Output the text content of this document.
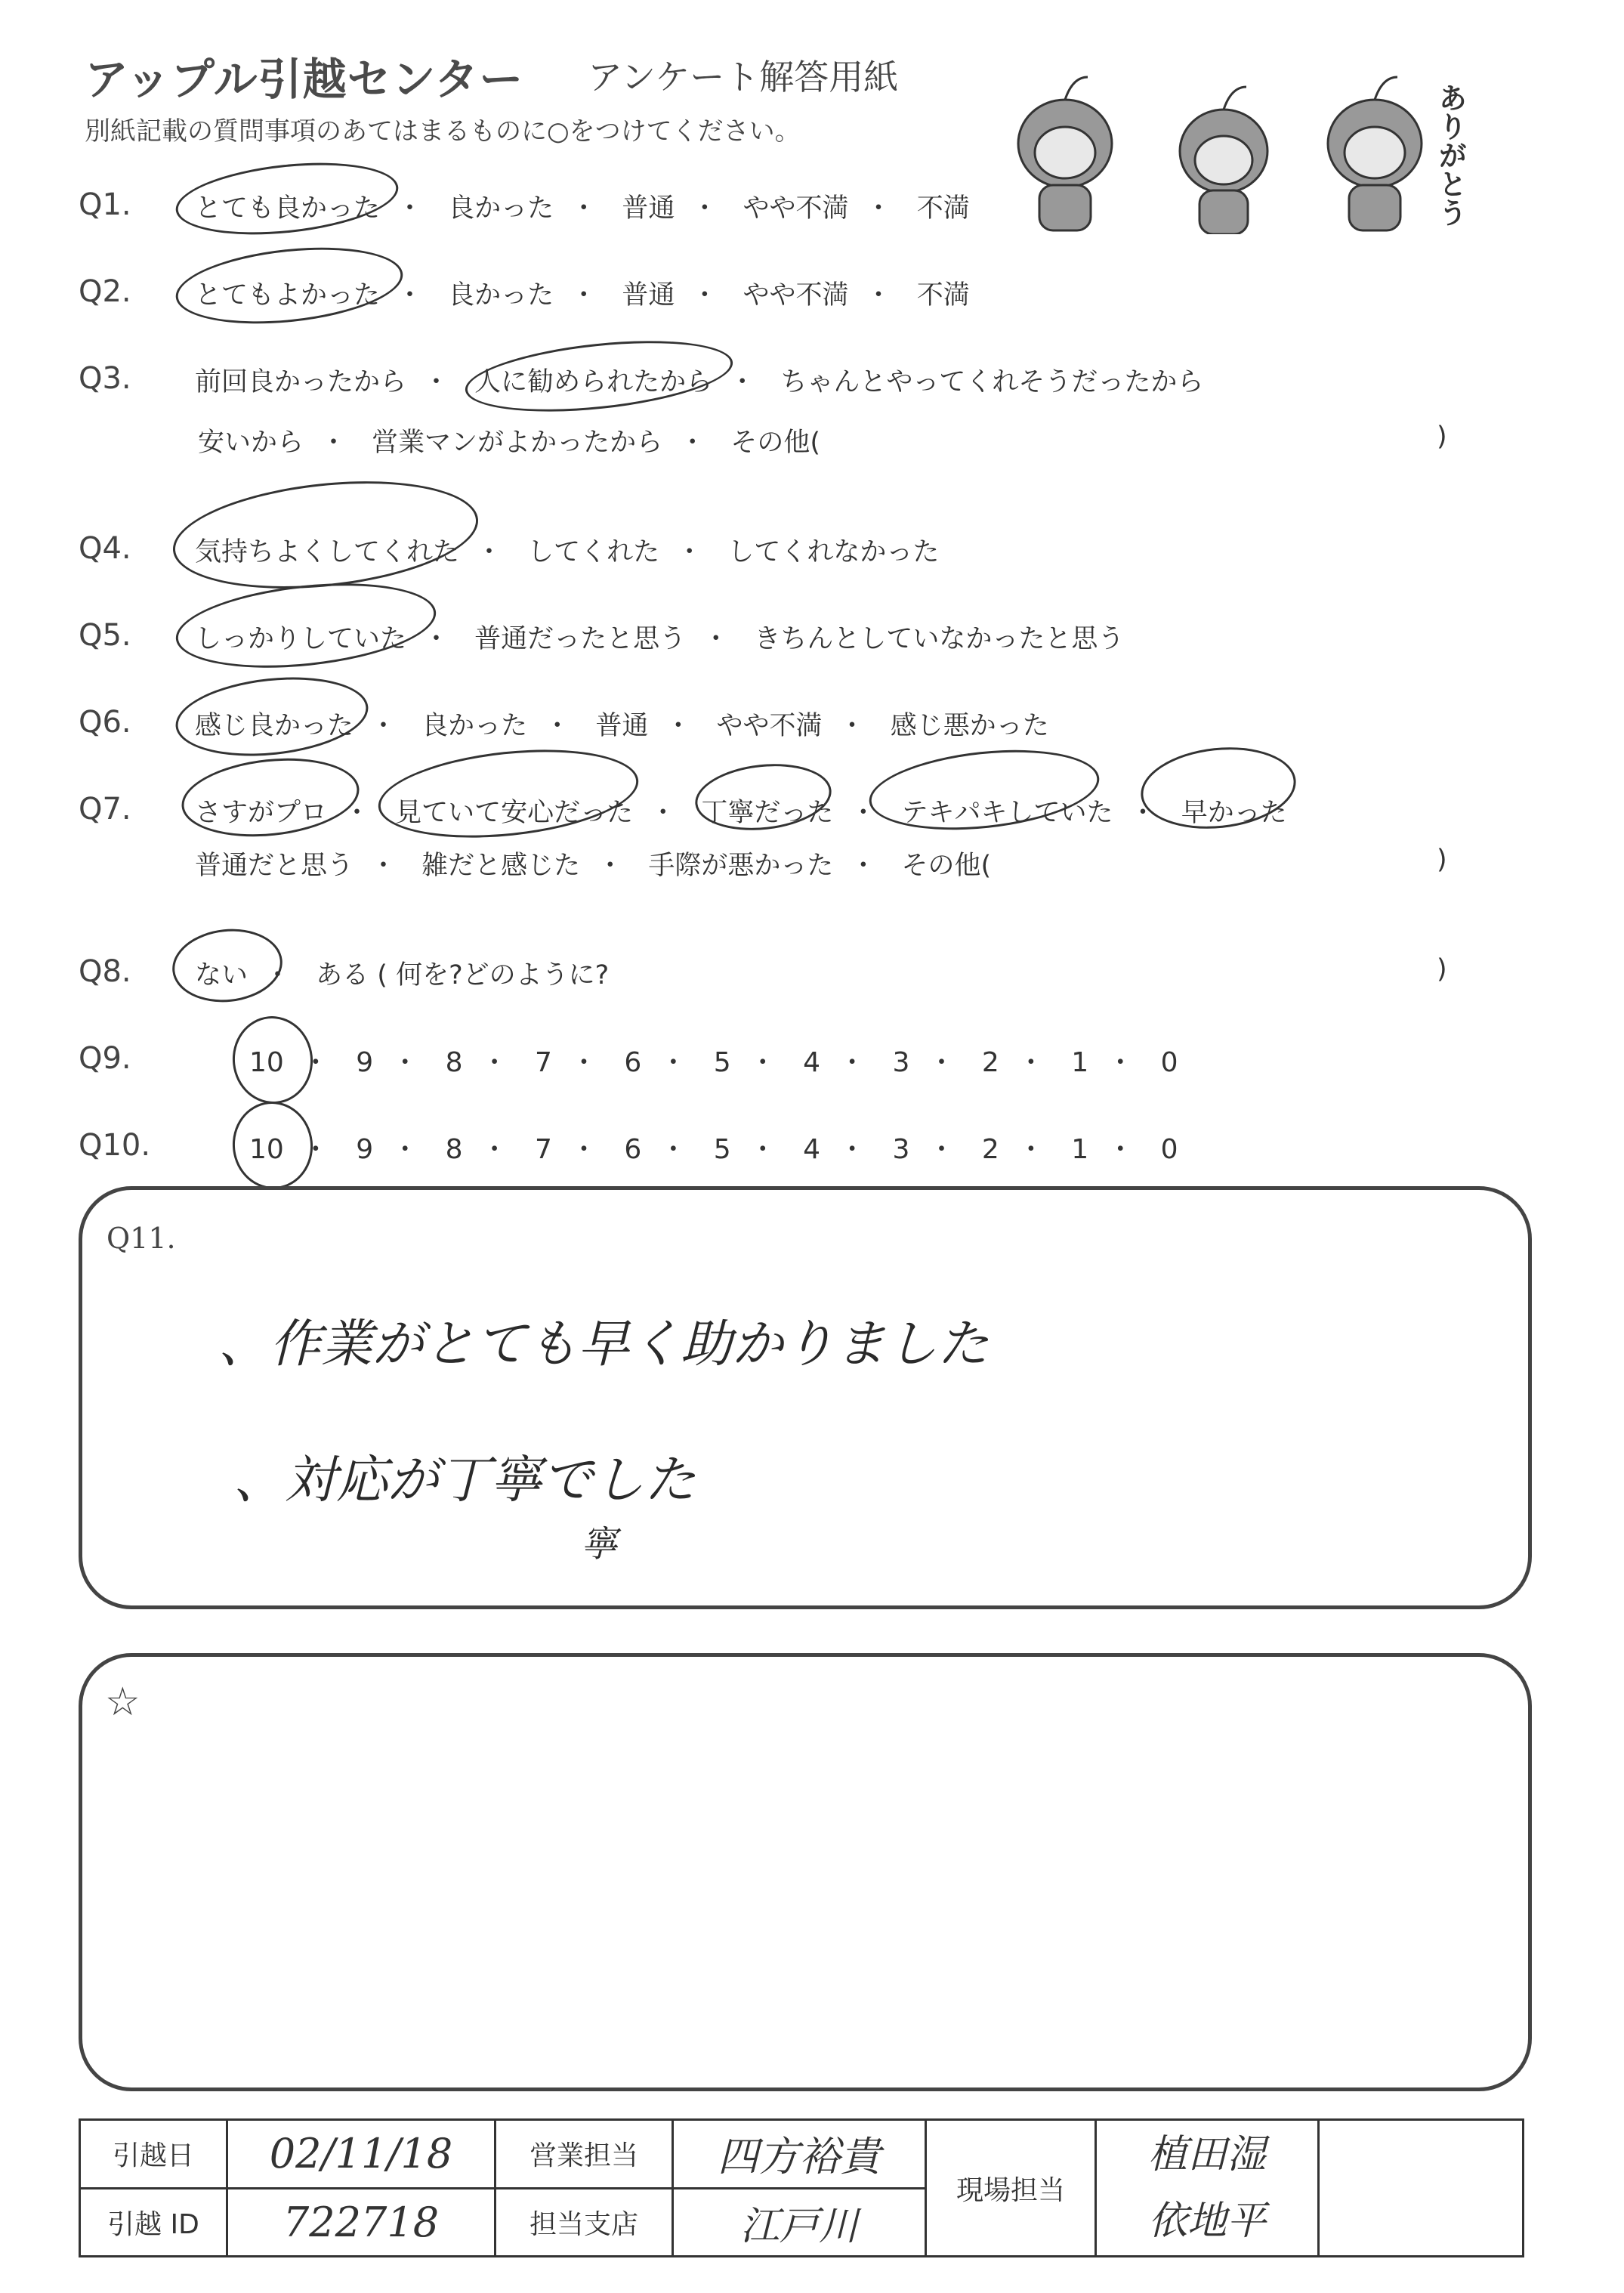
アップル引越センター アンケート解答用紙
別紙記載の質問事項のあてはまるものに○をつけてください。	ありがとう
Q1. とても良かった ・ 良かった ・ 普通 ・ やや不満 ・ 不満
Q2. とてもよかった ・ 良かった ・ 普通 ・ やや不満 ・ 不満
Q3. 前回良かったから ・ 人に勧められたから ・ ちゃんとやってくれそうだったから
安いから ・ 営業マンがよかったから ・ その他(	)
Q4. 気持ちよくしてくれた ・ してくれた ・ してくれなかった
Q5. しっかりしていた ・ 普通だったと思う ・ きちんとしていなかったと思う
Q6. 感じ良かった ・ 良かった ・ 普通 ・ やや不満 ・ 感じ悪かった
Q7. さすがプロ ・ 見ていて安心だった ・ 丁寧だった ・ テキパキしていた ・ 早かった
普通だと思う ・ 雑だと感じた ・ 手際が悪かった ・ その他(	)
Q8. ない ・ ある ( 何を?どのように?	)
Q9.	10 ・ 9 ・ 8 ・ 7 ・ 6 ・ 5 ・ 4 ・ 3 ・ 2 ・ 1 ・ 0
Q10.	10 ・ 9 ・ 8 ・ 7 ・ 6 ・ 5 ・ 4 ・ 3 ・ 2 ・ 1 ・ 0
Q11.
、作業がとても早く助かりました
、対応が丁寧でした
寧
☆
引越日	02/11/18	営業担当	四方裕貴	現場担当	植田湿
依地平	

引越 ID	722718	担当支店	江戸川			
